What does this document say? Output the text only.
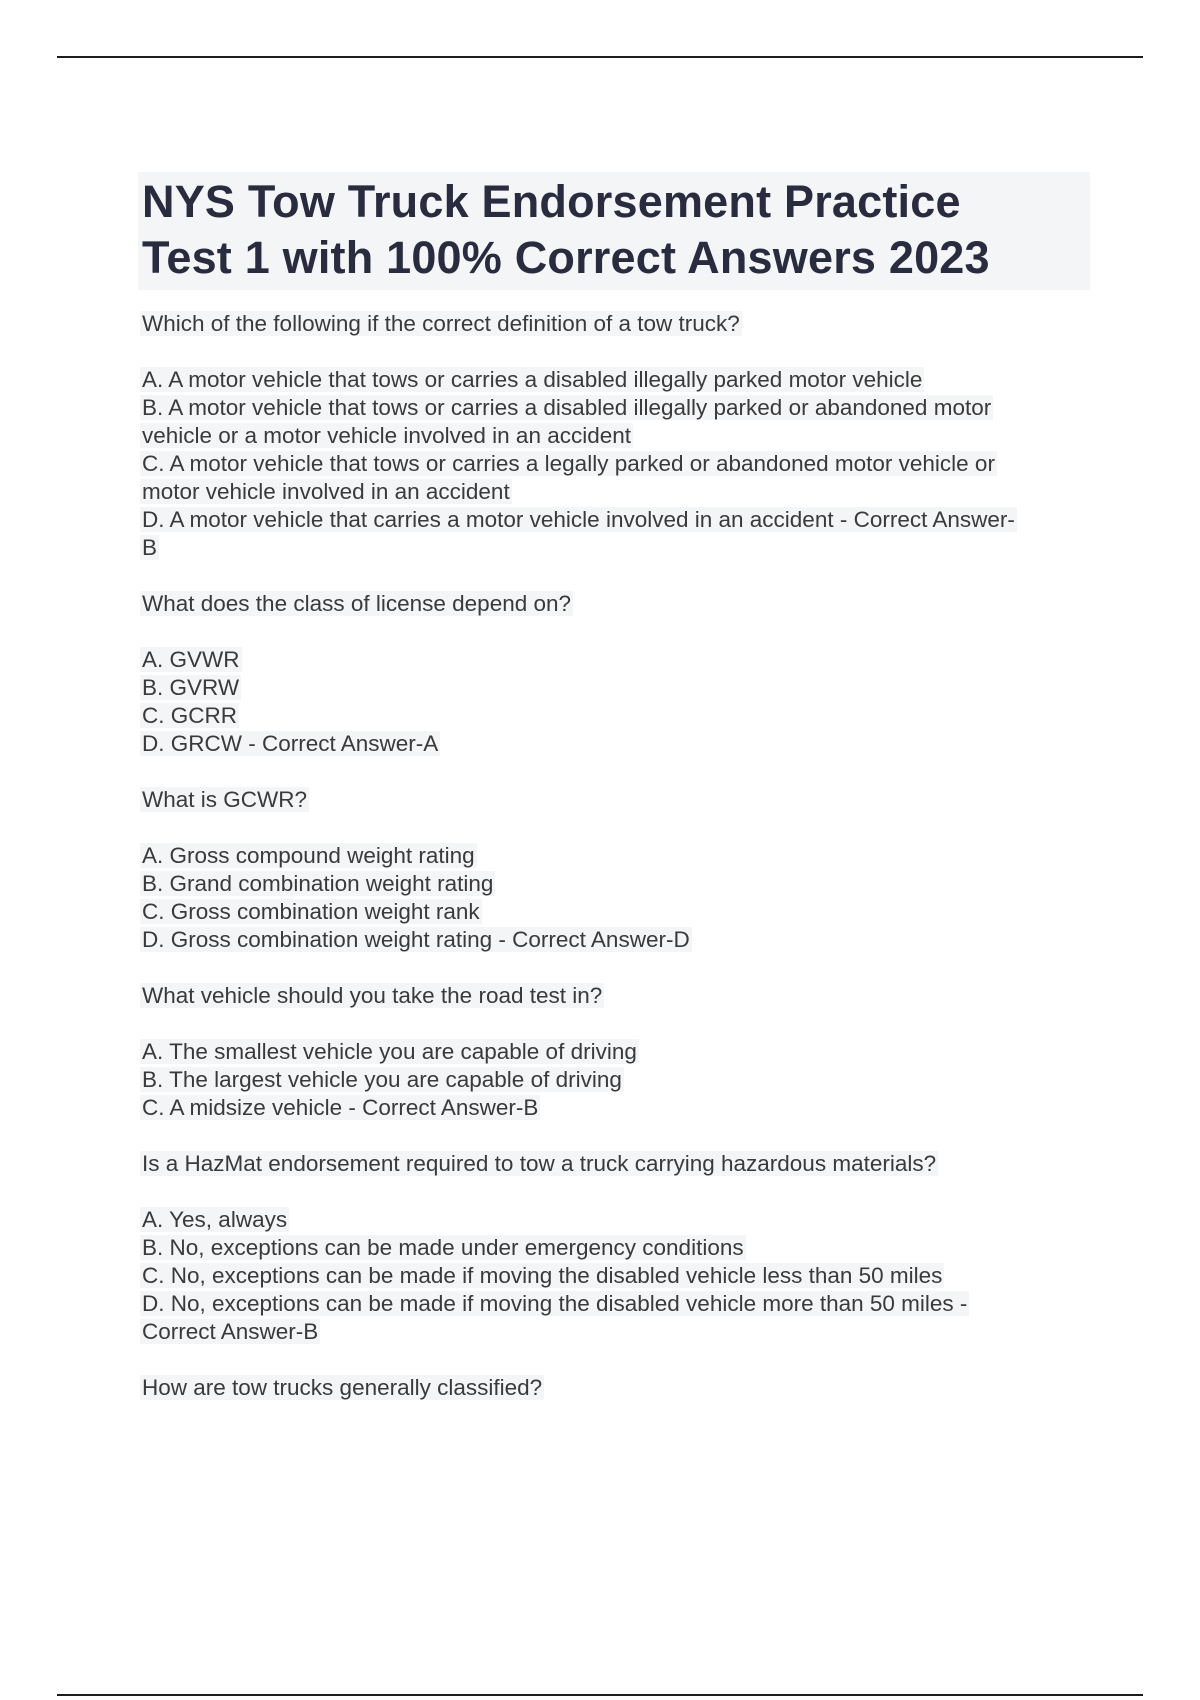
NYS Tow Truck Endorsement Practice
Test 1 with 100% Correct Answers 2023
Which of the following if the correct definition of a tow truck?
A. A motor vehicle that tows or carries a disabled illegally parked motor vehicle
B. A motor vehicle that tows or carries a disabled illegally parked or abandoned motor
vehicle or a motor vehicle involved in an accident
C. A motor vehicle that tows or carries a legally parked or abandoned motor vehicle or
motor vehicle involved in an accident
D. A motor vehicle that carries a motor vehicle involved in an accident - Correct Answer-
B
What does the class of license depend on?
A. GVWR
B. GVRW
C. GCRR
D. GRCW - Correct Answer-A
What is GCWR?
A. Gross compound weight rating
B. Grand combination weight rating
C. Gross combination weight rank
D. Gross combination weight rating - Correct Answer-D
What vehicle should you take the road test in?
A. The smallest vehicle you are capable of driving
B. The largest vehicle you are capable of driving
C. A midsize vehicle - Correct Answer-B
Is a HazMat endorsement required to tow a truck carrying hazardous materials?
A. Yes, always
B. No, exceptions can be made under emergency conditions
C. No, exceptions can be made if moving the disabled vehicle less than 50 miles
D. No, exceptions can be made if moving the disabled vehicle more than 50 miles -
Correct Answer-B
How are tow trucks generally classified?
